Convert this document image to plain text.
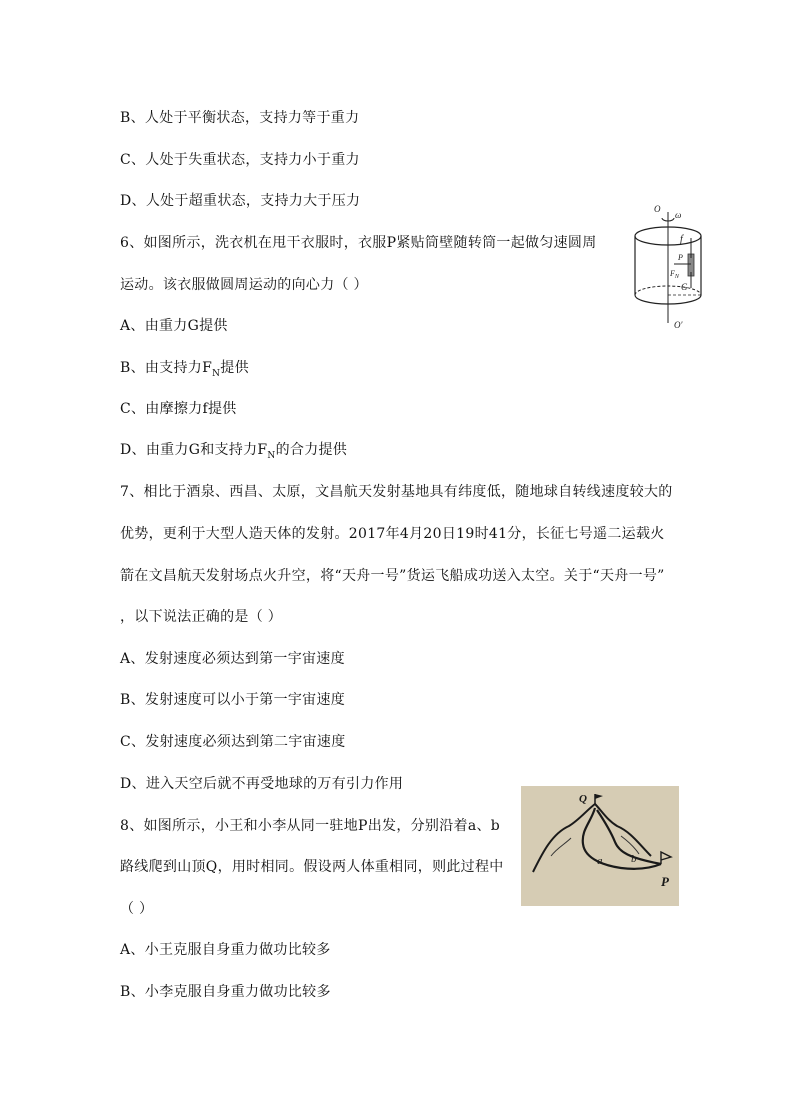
B、人处于平衡状态，支持力等于重力
C、人处于失重状态，支持力小于重力
D、人处于超重状态，支持力大于压力
6、如图所示，洗衣机在甩干衣服时，衣服P紧贴筒壁随转筒一起做匀速圆周
运动。该衣服做圆周运动的向心力（ ）
A、由重力G提供
B、由支持力$F_N$提供
C、由摩擦力f提供
D、由重力G和支持力$F_N$的合力提供
7、相比于酒泉、西昌、太原，文昌航天发射基地具有纬度低，随地球自转线速度较大的
优势，更利于大型人造天体的发射。2017年4月20日19时41分，长征七号遥二运载火
箭在文昌航天发射场点火升空，将“天舟一号”货运飞船成功送入太空。关于“天舟一号”
，以下说法正确的是（ ）
A、发射速度必须达到第一宇宙速度
B、发射速度可以小于第一宇宙速度
C、发射速度必须达到第二宇宙速度
D、进入天空后就不再受地球的万有引力作用
8、如图所示，小王和小李从同一驻地P出发，分别沿着a、b
路线爬到山顶Q，用时相同。假设两人体重相同，则此过程中
（ ）
A、小王克服自身重力做功比较多
B、小李克服自身重力做功比较多
O
ω
f
P
$F_N$
G
O′
Q
a	b
P
